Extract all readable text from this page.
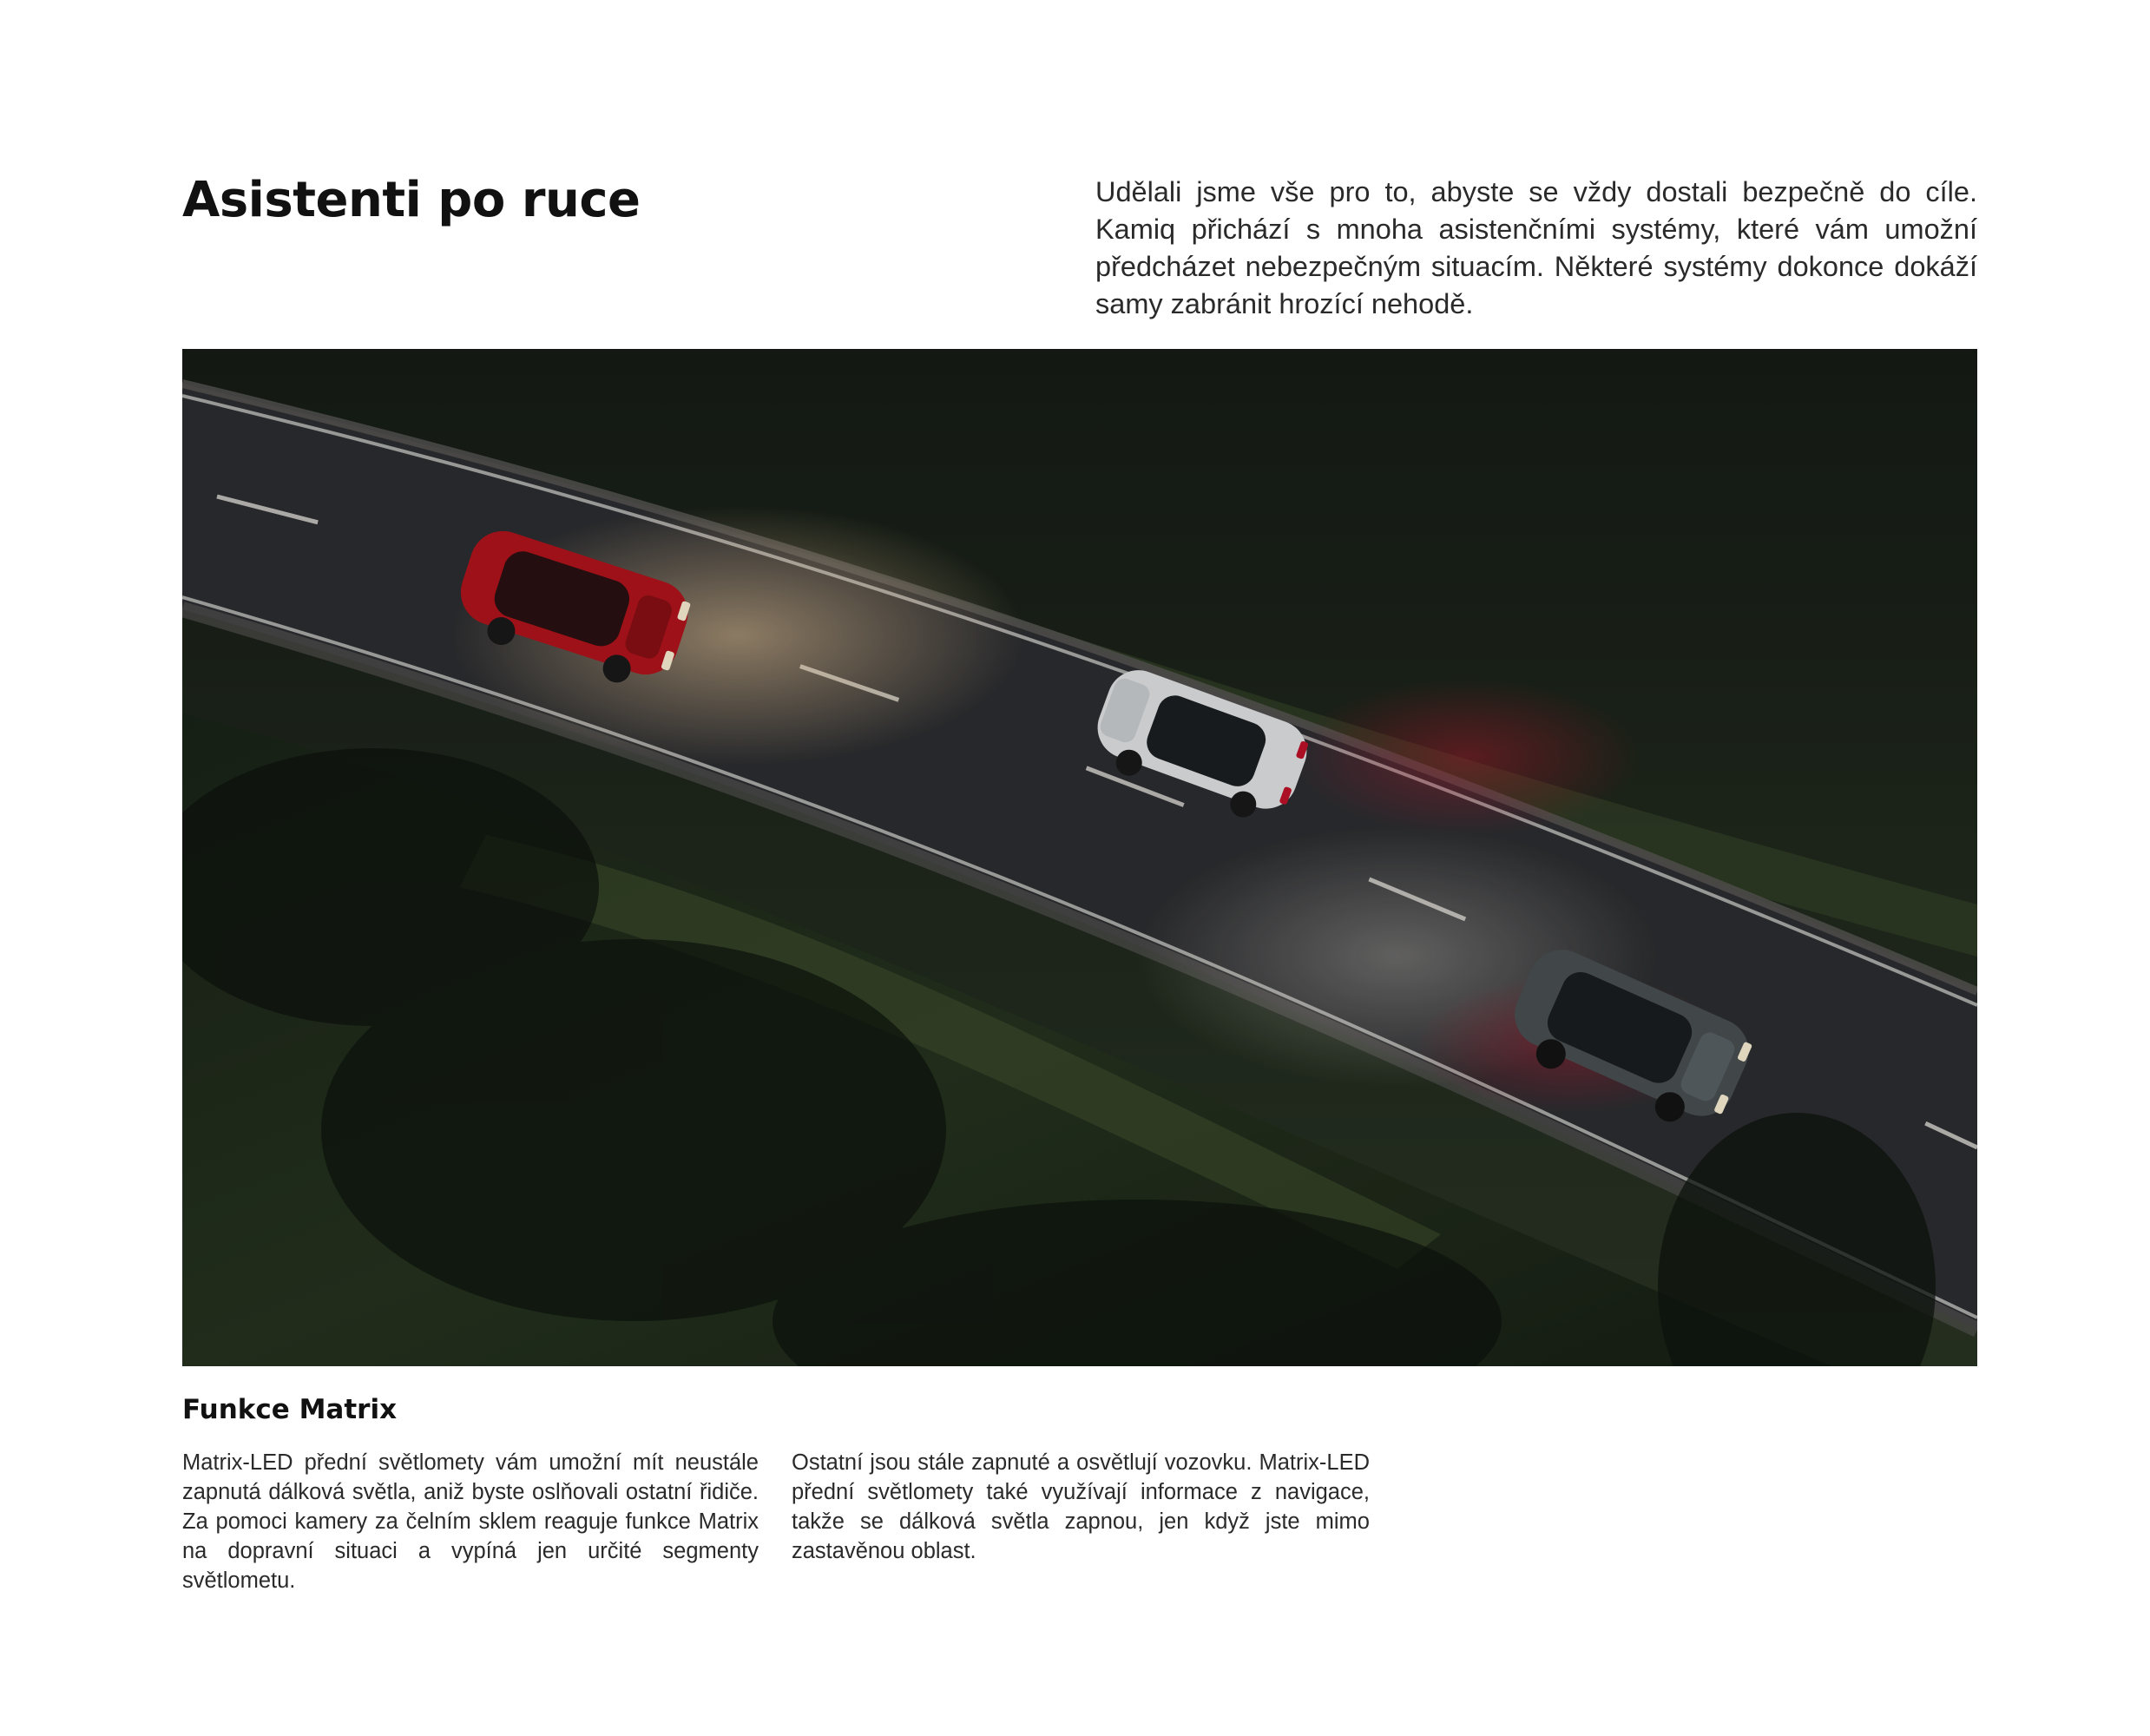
Asistenti po ruce	Udělali jsme vše pro to, abyste se vždy dostali bezpečně do cíle. Kamiq přichází s mnoha asistenčními systémy, které vám umožní předcházet nebezpečným situacím. Některé systémy dokonce dokáží samy zabránit hrozící nehodě.

Funkce Matrix

Matrix-LED přední světlomety vám umožní mít neustále zapnutá dálková světla, aniž byste oslňovali ostatní řidiče. Za pomoci kamery za čelním sklem reaguje funkce Matrix na dopravní situaci a vypíná jen určité segmenty světlometu.

Ostatní jsou stále zapnuté a osvětlují vozovku. Matrix-LED přední světlomety také využívají informace z navigace, takže se dálková světla zapnou, jen když jste mimo zastavěnou oblast.
